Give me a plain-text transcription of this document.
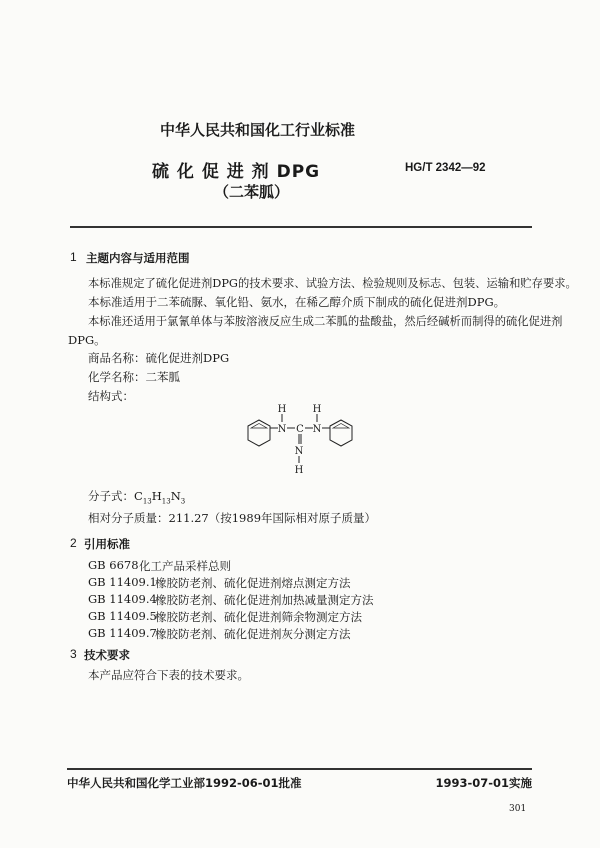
中华人民共和国化工行业标准
硫 化 促 进 剂 DPG	HG/T 2342—92
（二苯胍）
1 主题内容与适用范围
本标准规定了硫化促进剂DPG的技术要求、试验方法、检验规则及标志、包装、运输和贮存要求。
本标准适用于二苯硫脲、氧化铅、氨水，在稀乙醇介质下制成的硫化促进剂DPG。
本标准还适用于氯氰单体与苯胺溶液反应生成二苯胍的盐酸盐，然后经碱析而制得的硫化促进剂
DPG。
商品名称：硫化促进剂DPG
化学名称：二苯胍
结构式：
H	H
N C N
N
H
分子式：$C_{13}H_{13}N_3$
相对分子质量：211.27（按1989年国际相对原子质量）
2 引用标准
GB 6678 化工产品采样总则
GB 11409.1
橡胶防老剂、硫化促进剂熔点测定方法
GB 11409.4
橡胶防老剂、硫化促进剂加热减量测定方法
GB 11409.5
橡胶防老剂、硫化促进剂筛余物测定方法
GB 11409.7
橡胶防老剂、硫化促进剂灰分测定方法
3 技术要求
本产品应符合下表的技术要求。
中华人民共和国化学工业部1992-06-01批准	1993-07-01实施
301
